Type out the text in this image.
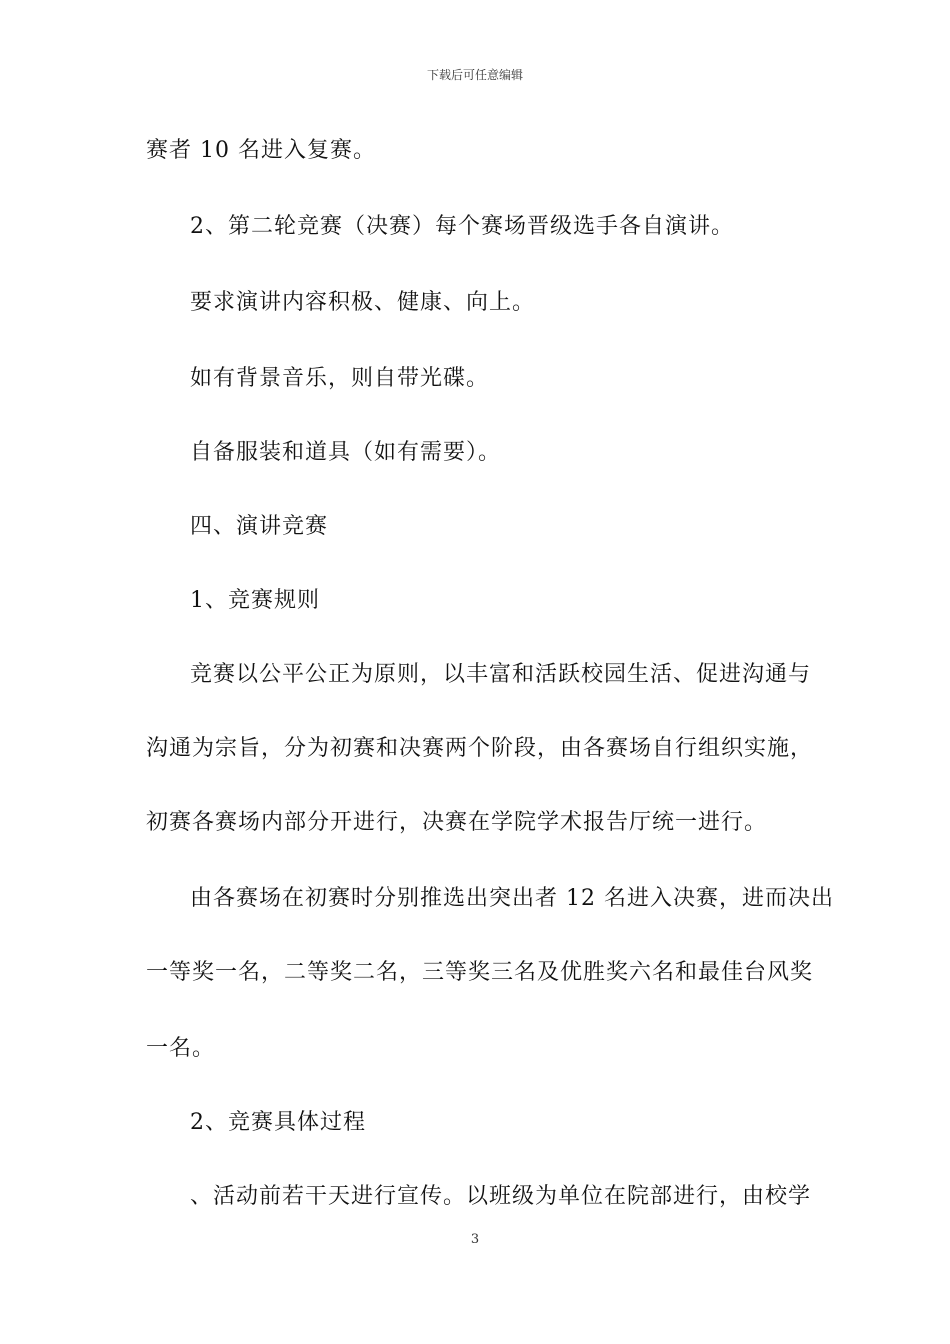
下载后可任意编辑
赛者 10 名进入复赛。
2、第二轮竞赛（决赛）每个赛场晋级选手各自演讲。
要求演讲内容积极、健康、向上。
如有背景音乐，则自带光碟。
自备服装和道具（如有需要）。
四、演讲竞赛
1、竞赛规则
竞赛以公平公正为原则，以丰富和活跃校园生活、促进沟通与
沟通为宗旨，分为初赛和决赛两个阶段，由各赛场自行组织实施，
初赛各赛场内部分开进行，决赛在学院学术报告厅统一进行。
由各赛场在初赛时分别推选出突出者 12 名进入决赛，进而决出
一等奖一名，二等奖二名，三等奖三名及优胜奖六名和最佳台风奖
一名。
2、竞赛具体过程
、活动前若干天进行宣传。以班级为单位在院部进行，由校学
3
